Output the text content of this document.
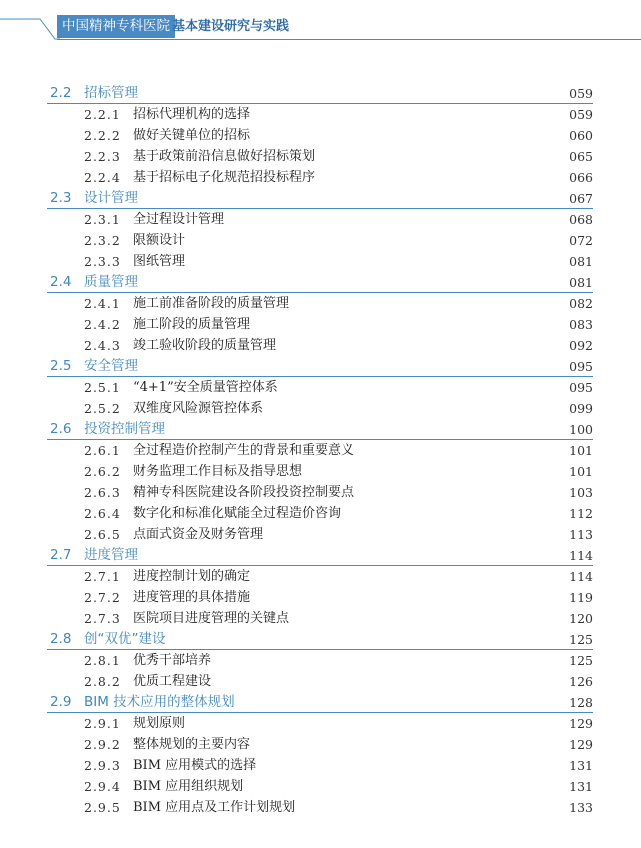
中国精神专科医院 基本建设研究与实践
2.2 招标管理	059
2.2.1 招标代理机构的选择	059
2.2.2 做好关键单位的招标	060
2.2.3 基于政策前沿信息做好招标策划	065
2.2.4 基于招标电子化规范招投标程序	066
2.3 设计管理	067
2.3.1 全过程设计管理	068
2.3.2 限额设计	072
2.3.3 图纸管理	081
2.4 质量管理	081
2.4.1 施工前准备阶段的质量管理	082
2.4.2 施工阶段的质量管理	083
2.4.3 竣工验收阶段的质量管理	092
2.5 安全管理	095
2.5.1 “4+1”安全质量管控体系	095
2.5.2 双维度风险源管控体系	099
2.6 投资控制管理	100
2.6.1 全过程造价控制产生的背景和重要意义	101
2.6.2 财务监理工作目标及指导思想	101
2.6.3 精神专科医院建设各阶段投资控制要点	103
2.6.4 数字化和标准化赋能全过程造价咨询	112
2.6.5 点面式资金及财务管理	113
2.7 进度管理	114
2.7.1 进度控制计划的确定	114
2.7.2 进度管理的具体措施	119
2.7.3 医院项目进度管理的关键点	120
2.8 创“双优”建设	125
2.8.1 优秀干部培养	125
2.8.2 优质工程建设	126
2.9 BIM 技术应用的整体规划	128
2.9.1 规划原则	129
2.9.2 整体规划的主要内容	129
2.9.3 BIM 应用模式的选择	131
2.9.4 BIM 应用组织规划	131
2.9.5 BIM 应用点及工作计划规划	133
